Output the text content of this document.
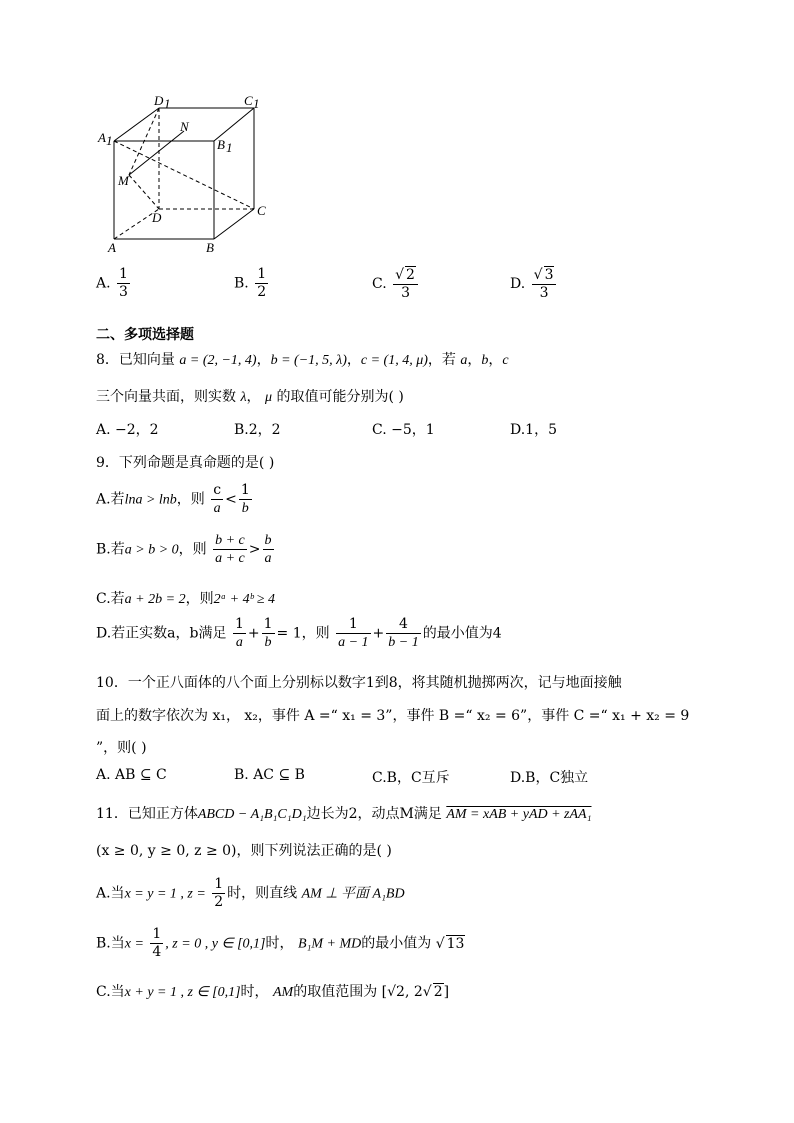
D 1	C 1
A 1	B 1
N
M
D	C
A	B
A. $\frac{1}{3}$	B. $\frac{1}{2}$	C. $\frac{√ 2}{3}$	D. $\frac{√ 3}{3}$
二、多项选择题
8．已知向量 a = (2, −1, 4)，b = (−1, 5, λ)，c = (1, 4, μ)，若 a，b，c
三个向量共面，则实数 λ， μ 的取值可能分别为( )
A. −2，2	B.2，2	C. −5，1	D.1，5
9．下列命题是真命题的是( )
A.若lna > lnb，则 $\frac{c}{a} < \frac{1}{b}$
B.若a > b > 0，则 $\frac{b + c}{a + c} > \frac{b}{a}$
C.若a + 2b = 2，则2ᵃ + 4ᵇ ≥ 4
D.若正实数a，b满足 $\frac{1}{a} + \frac{1}{b} = 1$，则 $\frac{1}{a - 1} + \frac{4}{b - 1}$ 的最小值为4
10．一个正八面体的八个面上分别标以数字1到8，将其随机抛掷两次，记与地面接触
面上的数字依次为 x₁， x₂，事件 A =“ x₁ = 3”，事件 B =“ x₂ = 6”，事件 C =“ x₁ + x₂ = 9
”，则( )
A. AB ⊆ C	B. AC ⊆ B	C.B，C互斥	D.B，C独立
11．已知正方体ABCD − A₁B₁C₁D₁边长为2，动点M满足 AM = xAB + yAD + zAA₁
(x ≥ 0, y ≥ 0, z ≥ 0)，则下列说法正确的是( )
A.当x = y = 1 , $z = \frac{1}{2}$ 时，则直线 AM ⊥ 平面 A₁BD
B.当$x = \frac{1}{4}$ , z = 0 , y ∈ [0,1]时， B₁M + MD的最小值为 √ 13
C.当x + y = 1 , z ∈ [0,1]时， AM的取值范围为 [√2, 2√ 2]
